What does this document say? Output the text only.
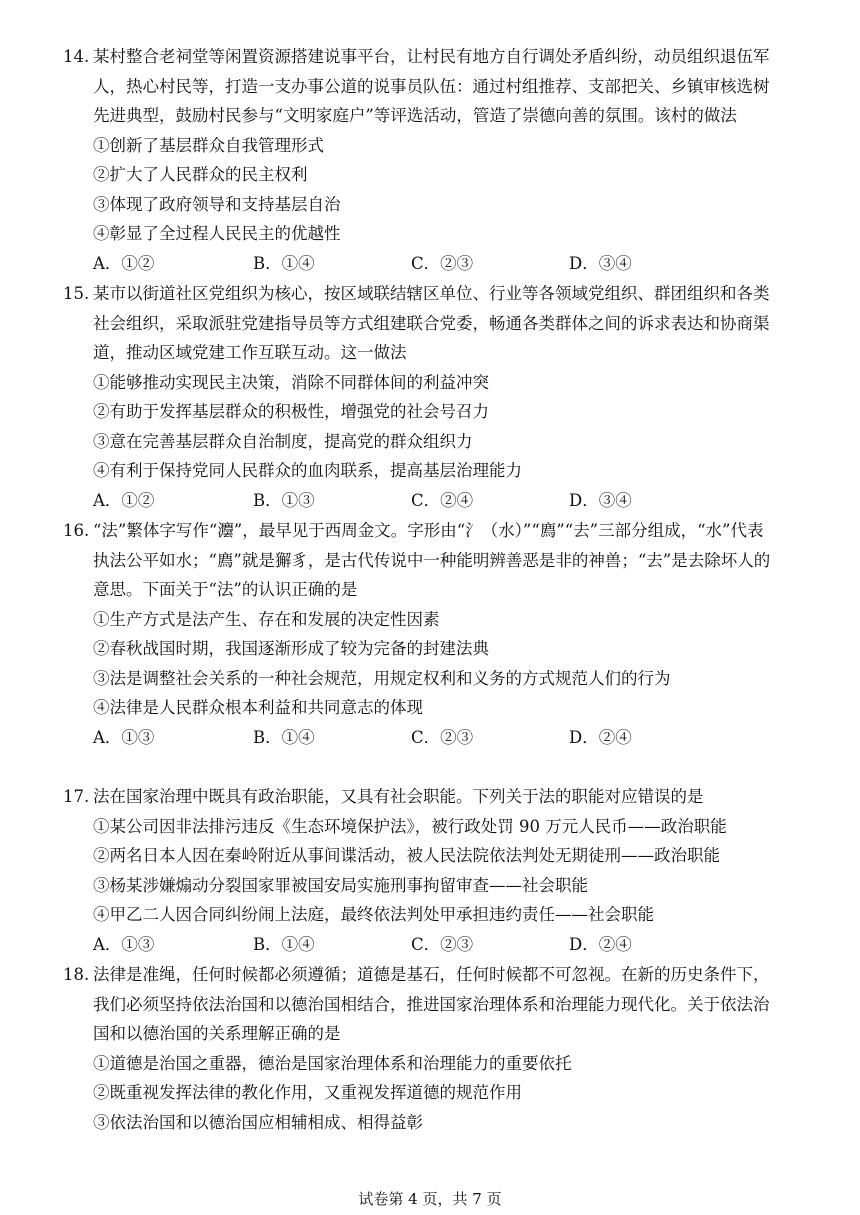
14. 某村整合老祠堂等闲置资源搭建说事平台，让村民有地方自行调处矛盾纠纷，动员组织退伍军
人，热心村民等，打造一支办事公道的说事员队伍：通过村组推荐、支部把关、乡镇审核选树
先进典型，鼓励村民参与“文明家庭户”等评选活动，管造了崇德向善的氛围。该村的做法
①创新了基层群众自我管理形式
②扩大了人民群众的民主权利
③体现了政府领导和支持基层自治
④彰显了全过程人民民主的优越性
A．①②	B．①④	C．②③	D．③④
15. 某市以街道社区党组织为核心，按区域联结辖区单位、行业等各领域党组织、群团组织和各类
社会组织，采取派驻党建指导员等方式组建联合党委，畅通各类群体之间的诉求表达和协商渠
道，推动区域党建工作互联互动。这一做法
①能够推动实现民主决策，消除不同群体间的利益冲突
②有助于发挥基层群众的积极性，增强党的社会号召力
③意在完善基层群众自治制度，提高党的群众组织力
④有利于保持党同人民群众的血肉联系，提高基层治理能力
A．①②	B．①③	C．②④	D．③④
16. “法”繁体字写作“灋”，最早见于西周金文。字形由“氵（水）”“廌”“去”三部分组成，“水”代表
执法公平如水；“廌”就是獬豸，是古代传说中一种能明辨善恶是非的神兽；“去”是去除坏人的
意思。下面关于“法”的认识正确的是
①生产方式是法产生、存在和发展的决定性因素
②春秋战国时期，我国逐渐形成了较为完备的封建法典
③法是调整社会关系的一种社会规范，用规定权利和义务的方式规范人们的行为
④法律是人民群众根本利益和共同意志的体现
A．①③	B．①④	C．②③	D．②④
17. 法在国家治理中既具有政治职能，又具有社会职能。下列关于法的职能对应错误的是
①某公司因非法排污违反《生态环境保护法》，被行政处罚 90 万元人民币——政治职能
②两名日本人因在秦岭附近从事间谍活动，被人民法院依法判处无期徒刑——政治职能
③杨某涉嫌煽动分裂国家罪被国安局实施刑事拘留审查——社会职能
④甲乙二人因合同纠纷闹上法庭，最终依法判处甲承担违约责任——社会职能
A．①③	B．①④	C．②③	D．②④
18. 法律是准绳，任何时候都必须遵循；道德是基石，任何时候都不可忽视。在新的历史条件下，
我们必须坚持依法治国和以德治国相结合，推进国家治理体系和治理能力现代化。关于依法治
国和以德治国的关系理解正确的是
①道德是治国之重器，德治是国家治理体系和治理能力的重要依托
②既重视发挥法律的教化作用，又重视发挥道德的规范作用
③依法治国和以德治国应相辅相成、相得益彰
试卷第 4 页，共 7 页
